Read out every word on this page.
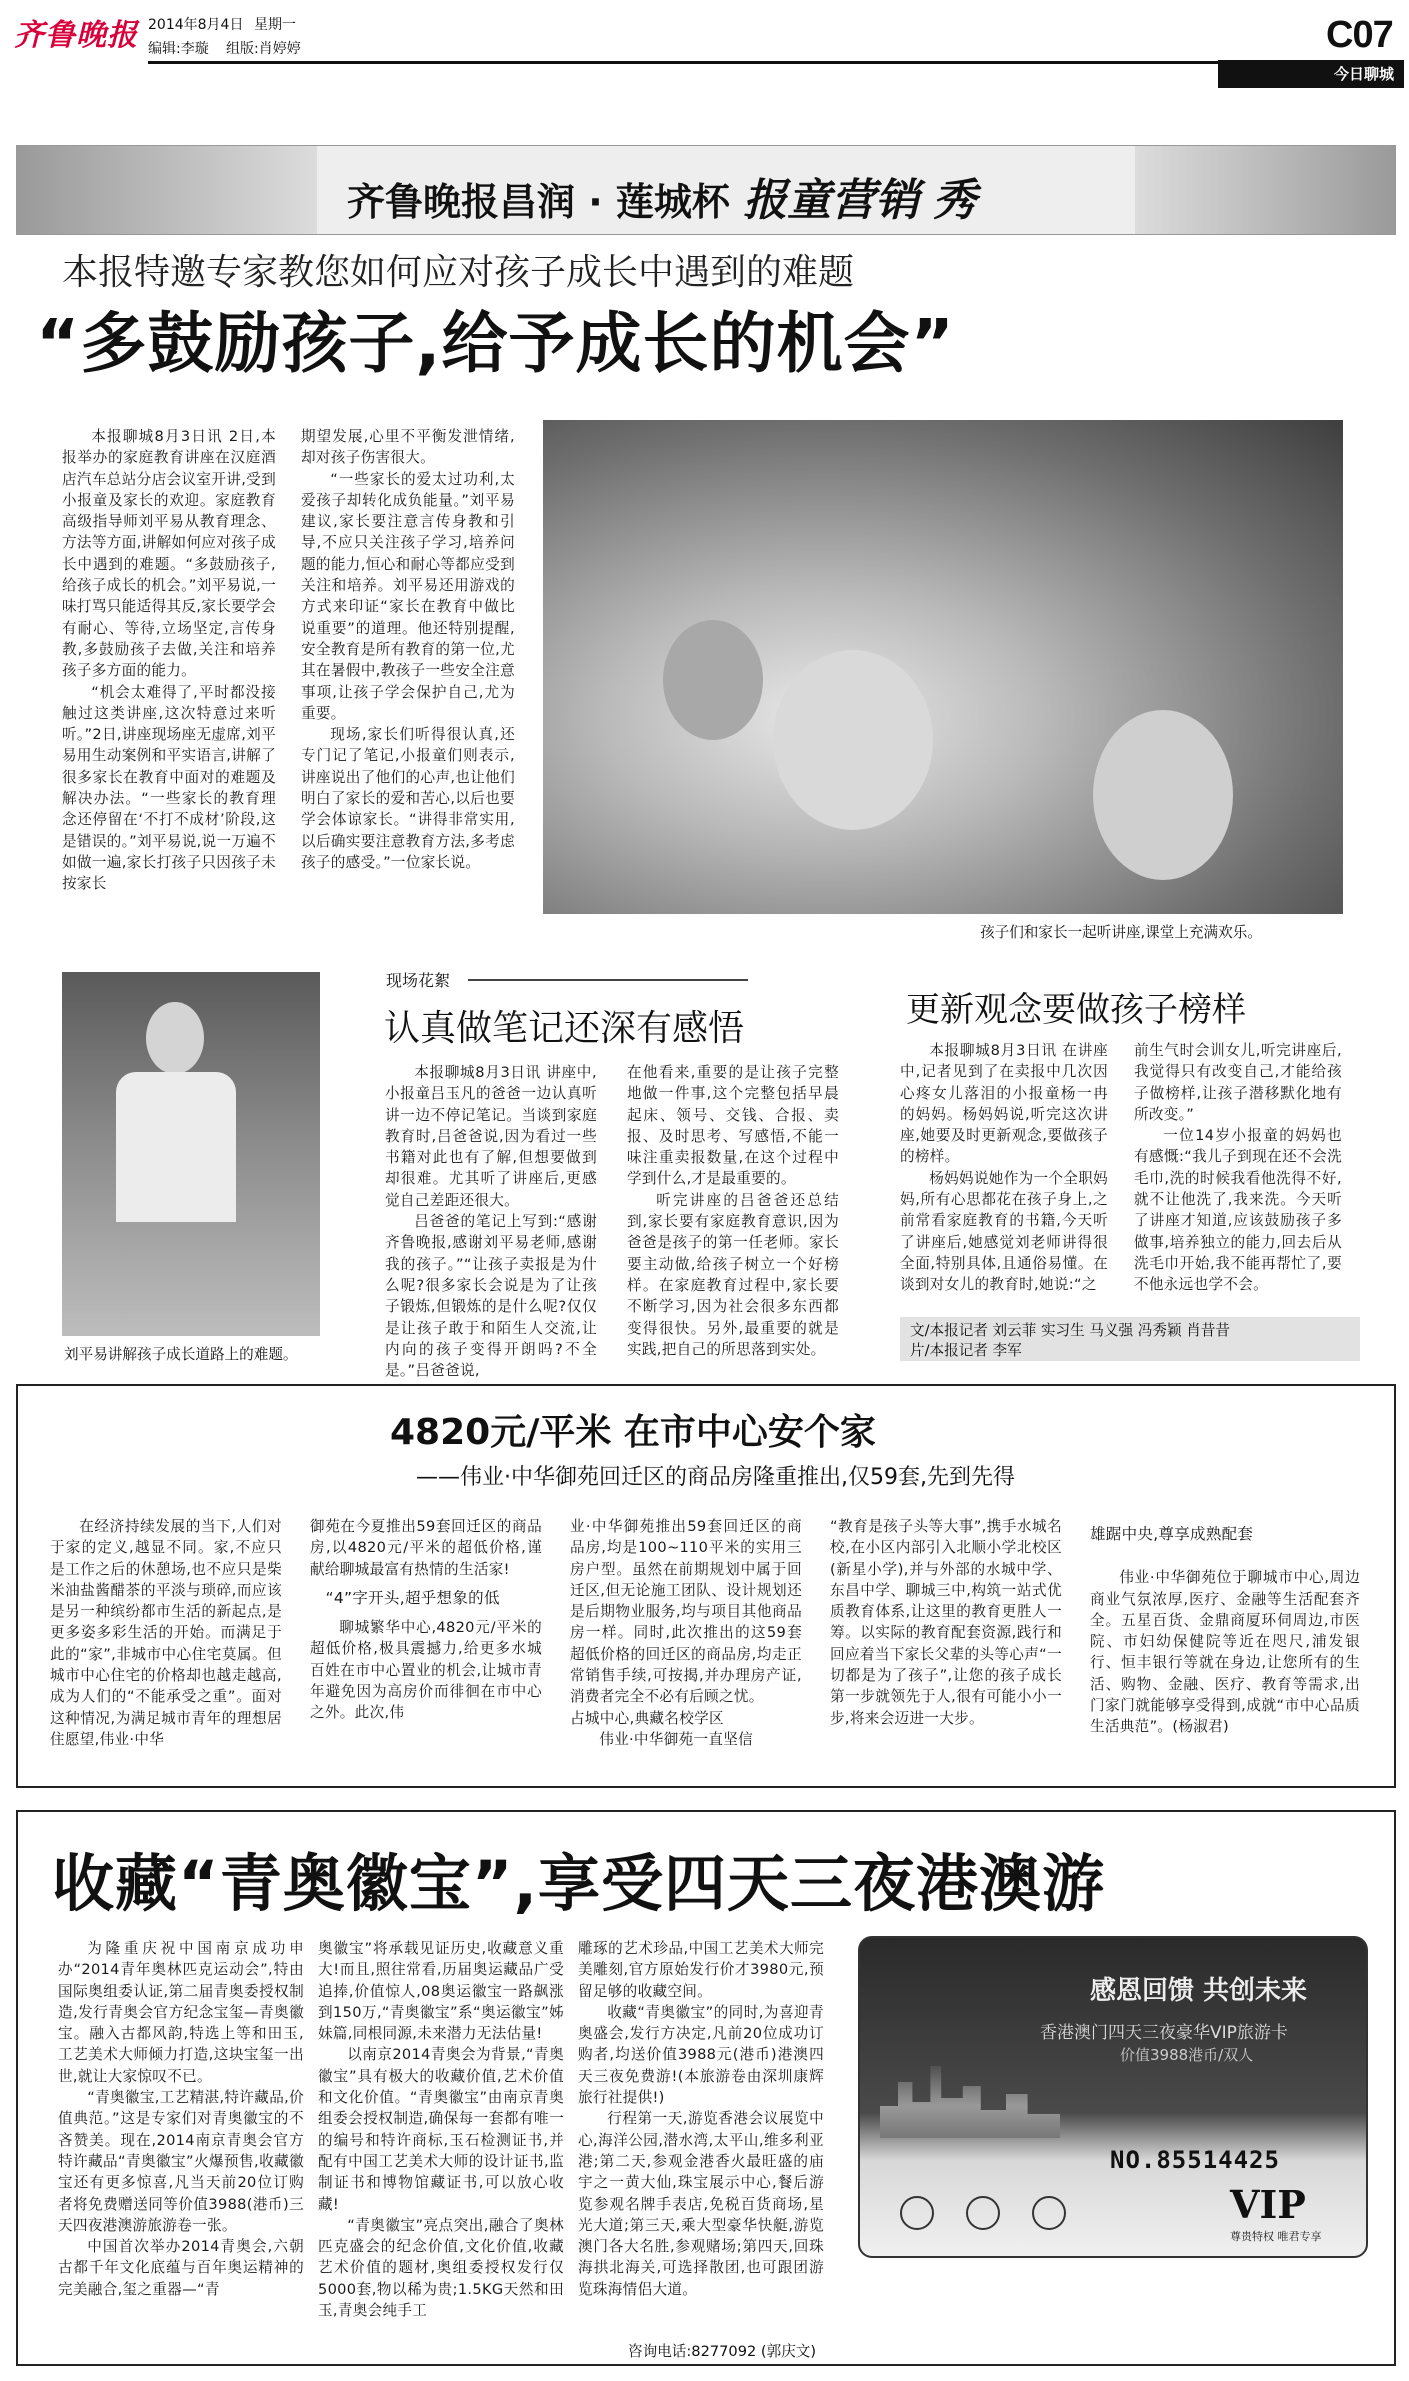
齐鲁晚报 2014年8月4日 星期一
编辑:李璇 组版:肖婷婷	C07
今日聊城
齐鲁晚报昌润 · 莲城杯 报童营销 秀
本报特邀专家教您如何应对孩子成长中遇到的难题
“多鼓励孩子,给予成长的机会”

本报聊城8月3日讯 2日,本报举办的家庭教育讲座在汉庭酒店汽车总站分店会议室开讲,受到小报童及家长的欢迎。家庭教育高级指导师刘平易从教育理念、方法等方面,讲解如何应对孩子成长中遇到的难题。“多鼓励孩子,给孩子成长的机会。”刘平易说,一味打骂只能适得其反,家长要学会有耐心、等待,立场坚定,言传身教,多鼓励孩子去做,关注和培养孩子多方面的能力。

“机会太难得了,平时都没接触过这类讲座,这次特意过来听听。”2日,讲座现场座无虚席,刘平易用生动案例和平实语言,讲解了很多家长在教育中面对的难题及解决办法。“一些家长的教育理念还停留在‘不打不成材’阶段,这是错误的。”刘平易说,说一万遍不如做一遍,家长打孩子只因孩子未按家长

期望发展,心里不平衡发泄情绪,却对孩子伤害很大。

“一些家长的爱太过功利,太爱孩子却转化成负能量。”刘平易建议,家长要注意言传身教和引导,不应只关注孩子学习,培养问题的能力,恒心和耐心等都应受到关注和培养。刘平易还用游戏的方式来印证“家长在教育中做比说重要”的道理。他还特别提醒,安全教育是所有教育的第一位,尤其在暑假中,教孩子一些安全注意事项,让孩子学会保护自己,尤为重要。

现场,家长们听得很认真,还专门记了笔记,小报童们则表示,讲座说出了他们的心声,也让他们明白了家长的爱和苦心,以后也要学会体谅家长。“讲得非常实用,以后确实要注意教育方法,多考虑孩子的感受。”一位家长说。

孩子们和家长一起听讲座,课堂上充满欢乐。
刘平易讲解孩子成长道路上的难题。
现场花絮
认真做笔记还深有感悟

本报聊城8月3日讯 讲座中,小报童吕玉凡的爸爸一边认真听讲一边不停记笔记。当谈到家庭教育时,吕爸爸说,因为看过一些书籍对此也有了解,但想要做到却很难。尤其听了讲座后,更感觉自己差距还很大。

吕爸爸的笔记上写到:“感谢齐鲁晚报,感谢刘平易老师,感谢我的孩子。”“让孩子卖报是为什么呢?很多家长会说是为了让孩子锻炼,但锻炼的是什么呢?仅仅是让孩子敢于和陌生人交流,让内向的孩子变得开朗吗?不全是。”吕爸爸说,

在他看来,重要的是让孩子完整地做一件事,这个完整包括早晨起床、领号、交钱、合报、卖报、及时思考、写感悟,不能一味注重卖报数量,在这个过程中学到什么,才是最重要的。

听完讲座的吕爸爸还总结到,家长要有家庭教育意识,因为爸爸是孩子的第一任老师。家长要主动做,给孩子树立一个好榜样。在家庭教育过程中,家长要不断学习,因为社会很多东西都变得很快。另外,最重要的就是实践,把自己的所思落到实处。

更新观念要做孩子榜样

本报聊城8月3日讯 在讲座中,记者见到了在卖报中几次因心疼女儿落泪的小报童杨一冉的妈妈。杨妈妈说,听完这次讲座,她要及时更新观念,要做孩子的榜样。

杨妈妈说她作为一个全职妈妈,所有心思都花在孩子身上,之前常看家庭教育的书籍,今天听了讲座后,她感觉刘老师讲得很全面,特别具体,且通俗易懂。在谈到对女儿的教育时,她说:“之

前生气时会训女儿,听完讲座后,我觉得只有改变自己,才能给孩子做榜样,让孩子潜移默化地有所改变。”

一位14岁小报童的妈妈也有感慨:“我儿子到现在还不会洗毛巾,洗的时候我看他洗得不好,就不让他洗了,我来洗。今天听了讲座才知道,应该鼓励孩子多做事,培养独立的能力,回去后从洗毛巾开始,我不能再帮忙了,要不他永远也学不会。

文/本报记者 刘云菲 实习生 马义强 冯秀颖 肖昔昔
片/本报记者 李军
4820元/平米 在市中心安个家
——伟业·中华御苑回迁区的商品房隆重推出,仅59套,先到先得

在经济持续发展的当下,人们对于家的定义,越显不同。家,不应只是工作之后的休憩场,也不应只是柴米油盐酱醋茶的平淡与琐碎,而应该是另一种缤纷都市生活的新起点,是更多姿多彩生活的开始。而满足于此的“家”,非城市中心住宅莫属。但城市中心住宅的价格却也越走越高,成为人们的“不能承受之重”。面对这种情况,为满足城市青年的理想居住愿望,伟业·中华

御苑在今夏推出59套回迁区的商品房,以4820元/平米的超低价格,谨献给聊城最富有热情的生活家!

“4”字开头,超乎想象的低

聊城繁华中心,4820元/平米的超低价格,极具震撼力,给更多水城百姓在市中心置业的机会,让城市青年避免因为高房价而徘徊在市中心之外。此次,伟

业·中华御苑推出59套回迁区的商品房,均是100~110平米的实用三房户型。虽然在前期规划中属于回迁区,但无论施工团队、设计规划还是后期物业服务,均与项目其他商品房一样。同时,此次推出的这59套超低价格的回迁区的商品房,均走正常销售手续,可按揭,并办理房产证,消费者完全不必有后顾之忧。

占城中心,典藏名校学区

伟业·中华御苑一直坚信

“教育是孩子头等大事”,携手水城名校,在小区内部引入北顺小学北校区(新星小学),并与外部的水城中学、东昌中学、聊城三中,构筑一站式优质教育体系,让这里的教育更胜人一筹。以实际的教育配套资源,践行和回应着当下家长父辈的头等心声“一切都是为了孩子”,让您的孩子成长第一步就领先于人,很有可能小小一步,将来会迈进一大步。

雄踞中央,尊享成熟配套

伟业·中华御苑位于聊城市中心,周边商业气氛浓厚,医疗、金融等生活配套齐全。五星百货、金鼎商厦环伺周边,市医院、市妇幼保健院等近在咫尺,浦发银行、恒丰银行等就在身边,让您所有的生活、购物、金融、医疗、教育等需求,出门家门就能够享受得到,成就“市中心品质生活典范”。(杨淑君)

收藏“青奥徽宝”,享受四天三夜港澳游

为隆重庆祝中国南京成功申办“2014青年奥林匹克运动会”,特由国际奥组委认证,第二届青奥委授权制造,发行青奥会官方纪念宝玺—青奥徽宝。融入古都风韵,特选上等和田玉,工艺美术大师倾力打造,这块宝玺一出世,就让大家惊叹不已。

“青奥徽宝,工艺精湛,特许藏品,价值典范。”这是专家们对青奥徽宝的不吝赞美。现在,2014南京青奥会官方特许藏品“青奥徽宝”火爆预售,收藏徽宝还有更多惊喜,凡当天前20位订购者将免费赠送同等价值3988(港币)三天四夜港澳游旅游卷一张。

中国首次举办2014青奥会,六朝古都千年文化底蕴与百年奥运精神的完美融合,玺之重器—“青

奥徽宝”将承载见证历史,收藏意义重大!而且,照往常看,历届奥运藏品广受追捧,价值惊人,08奥运徽宝一路飙涨到150万,“青奥徽宝”系“奥运徽宝”姊妹篇,同根同源,未来潜力无法估量!

以南京2014青奥会为背景,“青奥徽宝”具有极大的收藏价值,艺术价值和文化价值。“青奥徽宝”由南京青奥组委会授权制造,确保每一套都有唯一的编号和特许商标,玉石检测证书,并配有中国工艺美术大师的设计证书,监制证书和博物馆藏证书,可以放心收藏!

“青奥徽宝”亮点突出,融合了奥林匹克盛会的纪念价值,文化价值,收藏艺术价值的题材,奥组委授权发行仅5000套,物以稀为贵;1.5KG天然和田玉,青奥会纯手工

雕琢的艺术珍品,中国工艺美术大师完美雕刻,官方原始发行价才3980元,预留足够的收藏空间。

收藏“青奥徽宝”的同时,为喜迎青奥盛会,发行方决定,凡前20位成功订购者,均送价值3988元(港币)港澳四天三夜免费游!(本旅游卷由深圳康辉旅行社提供!)

行程第一天,游览香港会议展览中心,海洋公园,潜水湾,太平山,维多利亚港;第二天,参观金港香火最旺盛的庙宇之一黄大仙,珠宝展示中心,餐后游览参观名牌手表店,免税百货商场,星光大道;第三天,乘大型豪华快艇,游览澳门各大名胜,参观赌场;第四天,回珠海拱北海关,可选择散团,也可跟团游览珠海情侣大道。

咨询电话:8277092 (郭庆文)
感恩回馈 共创未来
香港澳门四天三夜豪华VIP旅游卡
价值3988港币/双人
NO.85514425
VIP
尊贵特权 唯君专享
